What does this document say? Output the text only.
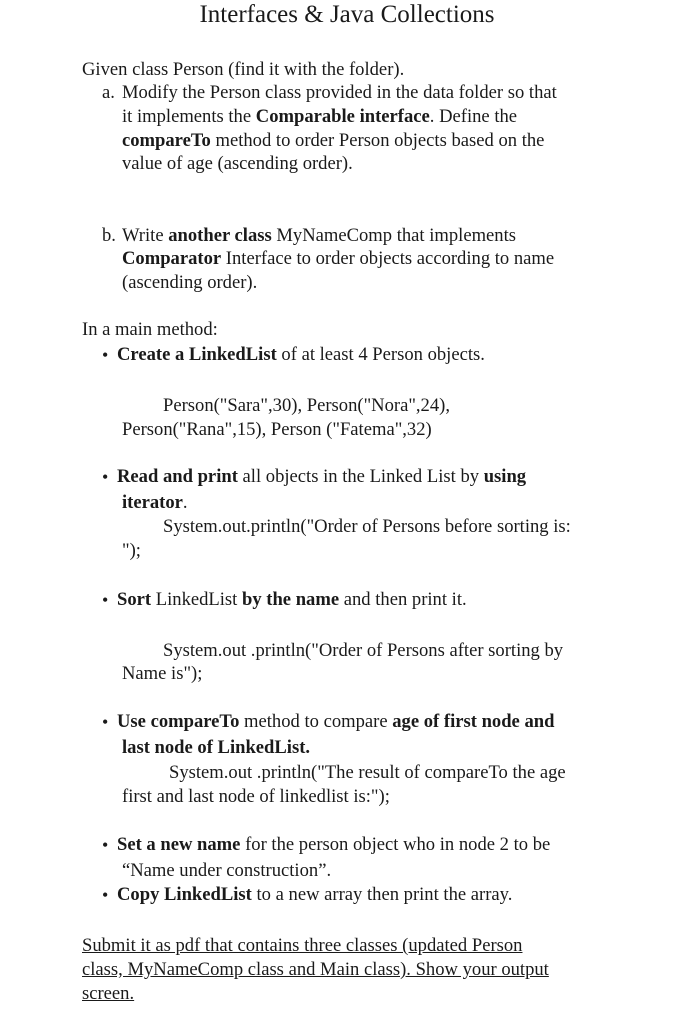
Interfaces & Java Collections
Given class Person (find it with the folder).
a. Modify the Person class provided in the data folder so that
it implements the Comparable interface. Define the
compareTo method to order Person objects based on the
value of age (ascending order).
b. Write another class MyNameComp that implements
Comparator Interface to order objects according to name
(ascending order).
In a main method:
• Create a LinkedList of at least 4 Person objects.
Person("Sara",30), Person("Nora",24),
Person("Rana",15), Person ("Fatema",32)
• Read and print all objects in the Linked List by using
iterator.
System.out.println("Order of Persons before sorting is:
");
• Sort LinkedList by the name and then print it.
System.out .println("Order of Persons after sorting by
Name is");
• Use compareTo method to compare age of first node and
last node of LinkedList.
System.out .println("The result of compareTo the age
first and last node of linkedlist is:");
• Set a new name for the person object who in node 2 to be
“Name under construction”.
• Copy LinkedList to a new array then print the array.
Submit it as pdf that contains three classes (updated Person
class, MyNameComp class and Main class). Show your output
screen.
